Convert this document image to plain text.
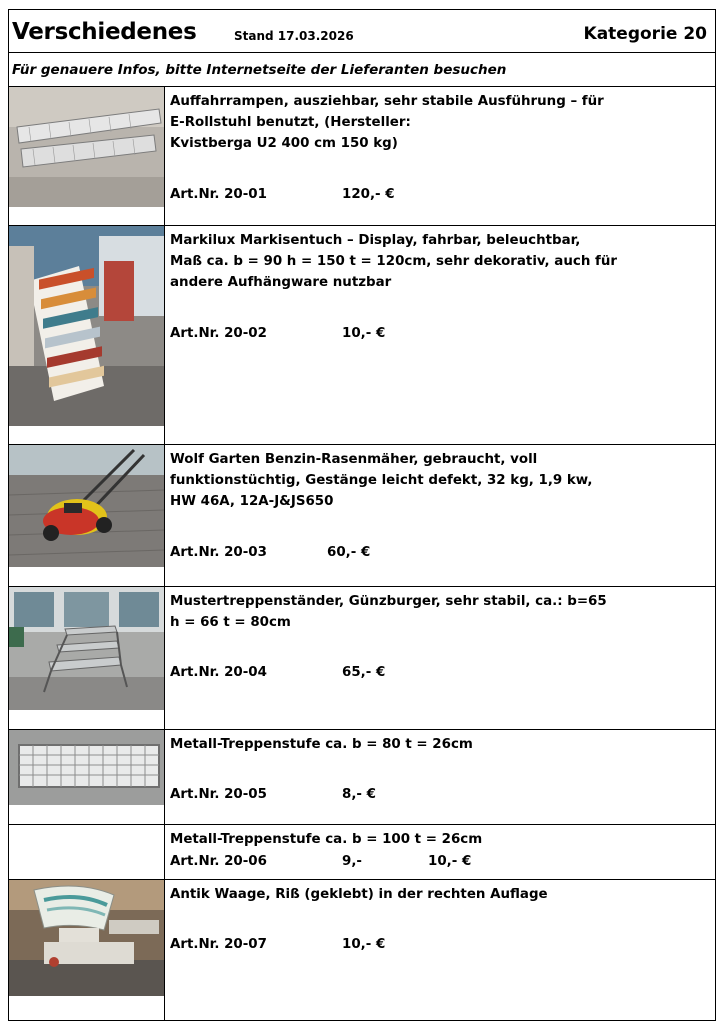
Verschiedenes	Stand 17.03.2026	Kategorie 20
Für genauere Infos, bitte Internetseite der Lieferanten besuchen
Auffahrrampen, ausziehbar, sehr stabile Ausführung – für
E-Rollstuhl benutzt, (Hersteller:
Kvistberga U2 400 cm 150 kg)
Art.Nr. 20-01	120,- €
Markilux Markisentuch – Display, fahrbar, beleuchtbar,
Maß ca. b = 90 h = 150 t = 120cm, sehr dekorativ, auch für
andere Aufhängware nutzbar
Art.Nr. 20-02	10,- €
Wolf Garten Benzin-Rasenmäher, gebraucht, voll
funktionstüchtig, Gestänge leicht defekt, 32 kg, 1,9 kw,
HW 46A, 12A-J&JS650
Art.Nr. 20-03	60,- €
Mustertreppenständer, Günzburger, sehr stabil, ca.: b=65
h = 66 t = 80cm
Art.Nr. 20-04	65,- €
Metall-Treppenstufe ca. b = 80 t = 26cm
Art.Nr. 20-05	8,- €
Metall-Treppenstufe ca. b = 100 t = 26cm
Art.Nr. 20-06	9,-	10,- €
Antik Waage, Riß (geklebt) in der rechten Auflage
Art.Nr. 20-07	10,- €
